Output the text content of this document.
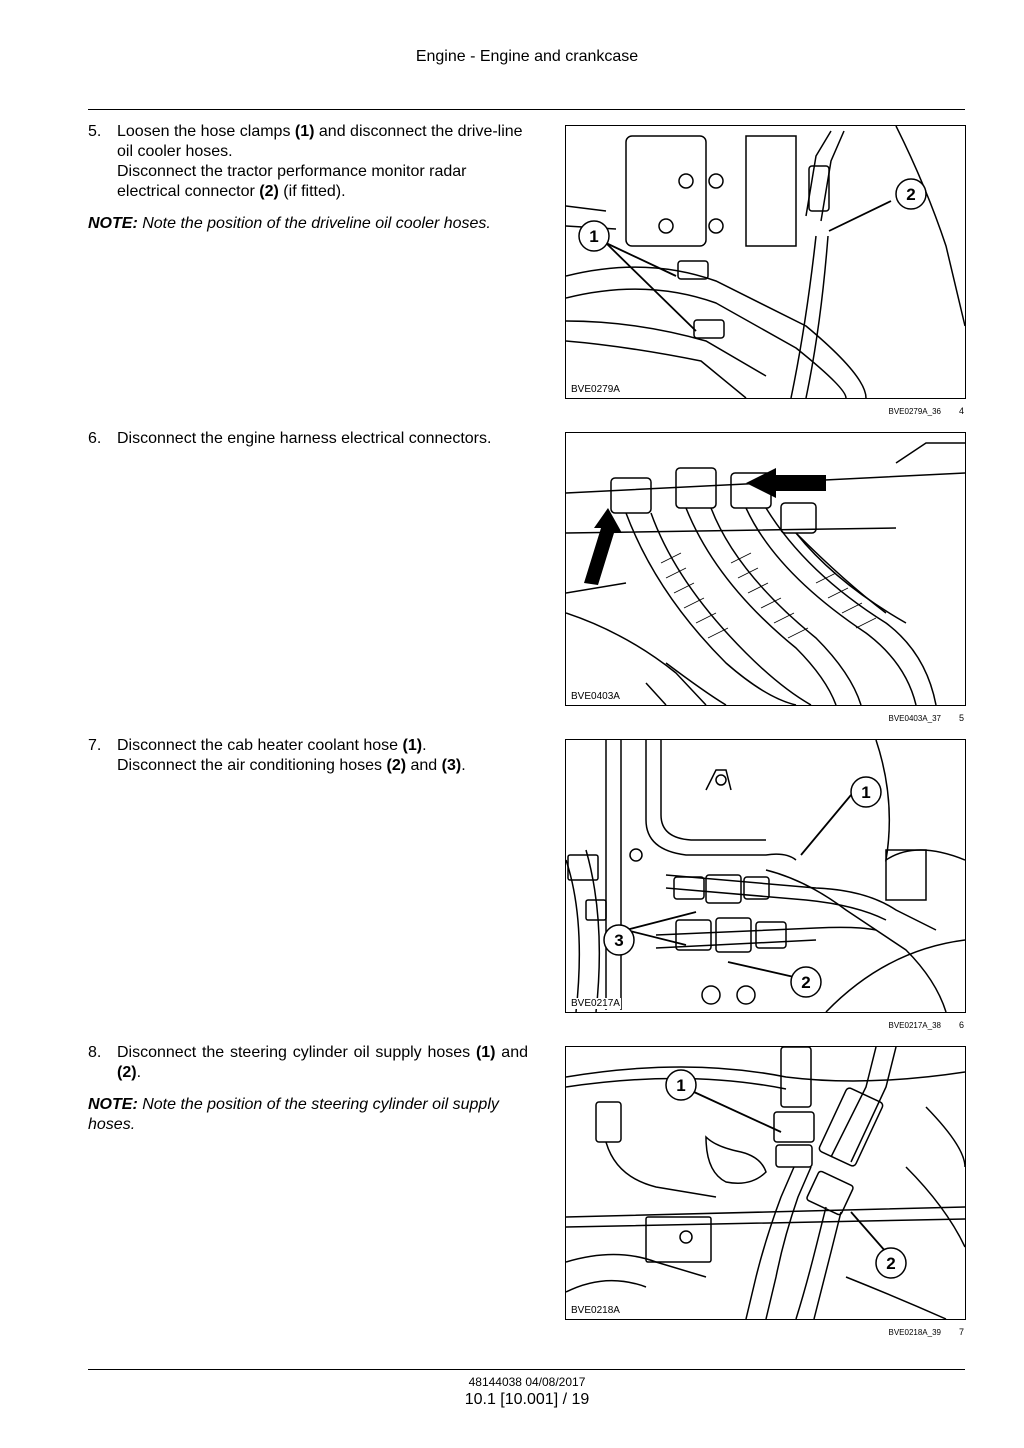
Engine - Engine and crankcase
5. Loosen the hose clamps (1) and disconnect the drive-line oil cooler hoses.

Disconnect the tractor performance monitor radar electrical connector (2) (if fitted).

NOTE: Note the position of the driveline oil cooler hoses.

1
2
BVE0279A
BVE0279A_36 4
6. Disconnect the engine harness electrical connectors.

BVE0403A
BVE0403A_37 5
7. Disconnect the cab heater coolant hose (1).

Disconnect the air conditioning hoses (2) and (3).

1
2
3
BVE0217A
BVE0217A_38 6
8. Disconnect the steering cylinder oil supply hoses (1) and (2).

NOTE: Note the position of the steering cylinder oil supply hoses.

1
2
BVE0218A
BVE0218A_39 7
48144038 04/08/2017
10.1 [10.001] / 19
